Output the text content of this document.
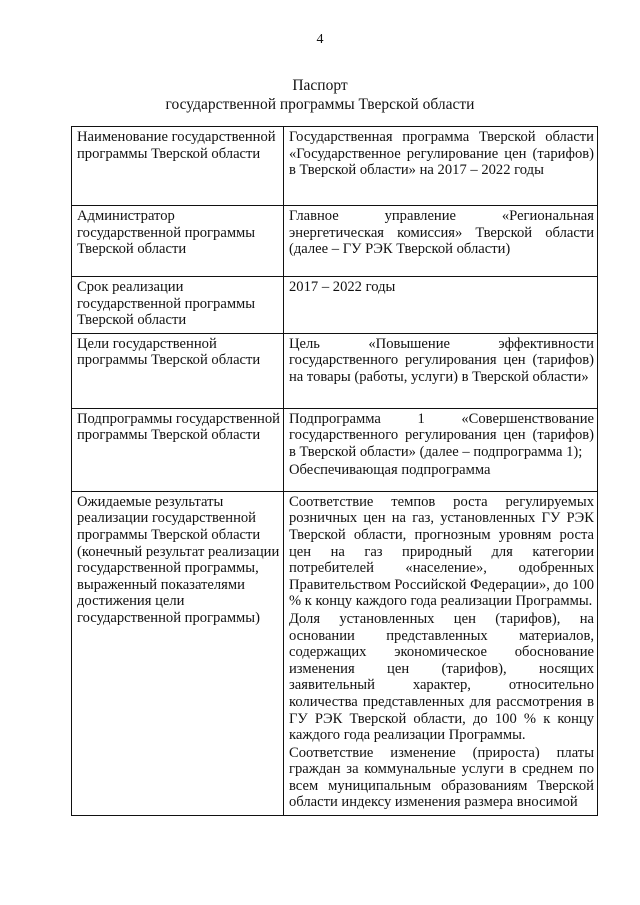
4
Паспорт
государственной программы Тверской области
Наименование государственной программы Тверской области	Государственная программа Тверской области «Государственное регулирование цен (тарифов) в Тверской области» на 2017 – 2022 годы

Администратор государственной программы Тверской области	Главное управление «Региональная энергетическая комиссия» Тверской области (далее – ГУ РЭК Тверской области)

Срок реализации государственной программы Тверской области	2017 – 2022 годы

Цели государственной программы Тверской области	Цель «Повышение эффективности государственного регулирования цен (тарифов) на товары (работы, услуги) в Тверской области»

Подпрограммы государственной программы Тверской области	Подпрограмма 1 «Совершенствование государственного регулирования цен (тарифов) в Тверской области» (далее – подпрограмма 1);

Обеспечивающая подпрограмма

Ожидаемые результаты реализации государственной программы Тверской области (конечный результат реализации государственной программы, выраженный показателями достижения цели государственной программы)	Соответствие темпов роста регулируемых розничных цен на газ, установленных ГУ РЭК Тверской области, прогнозным уровням роста цен на газ природный для категории потребителей «население», одобренных Правительством Российской Федерации», до 100 % к концу каждого года реализации Программы.

Доля установленных цен (тарифов), на основании представленных материалов, содержащих экономическое обоснование изменения цен (тарифов), носящих заявительный характер, относительно количества представленных для рассмотрения в ГУ РЭК Тверской области, до 100 % к концу каждого года реализации Программы.

Соответствие изменение (прироста) платы граждан за коммунальные услуги в среднем по всем муниципальным образованиям Тверской области индексу изменения размера вносимой
